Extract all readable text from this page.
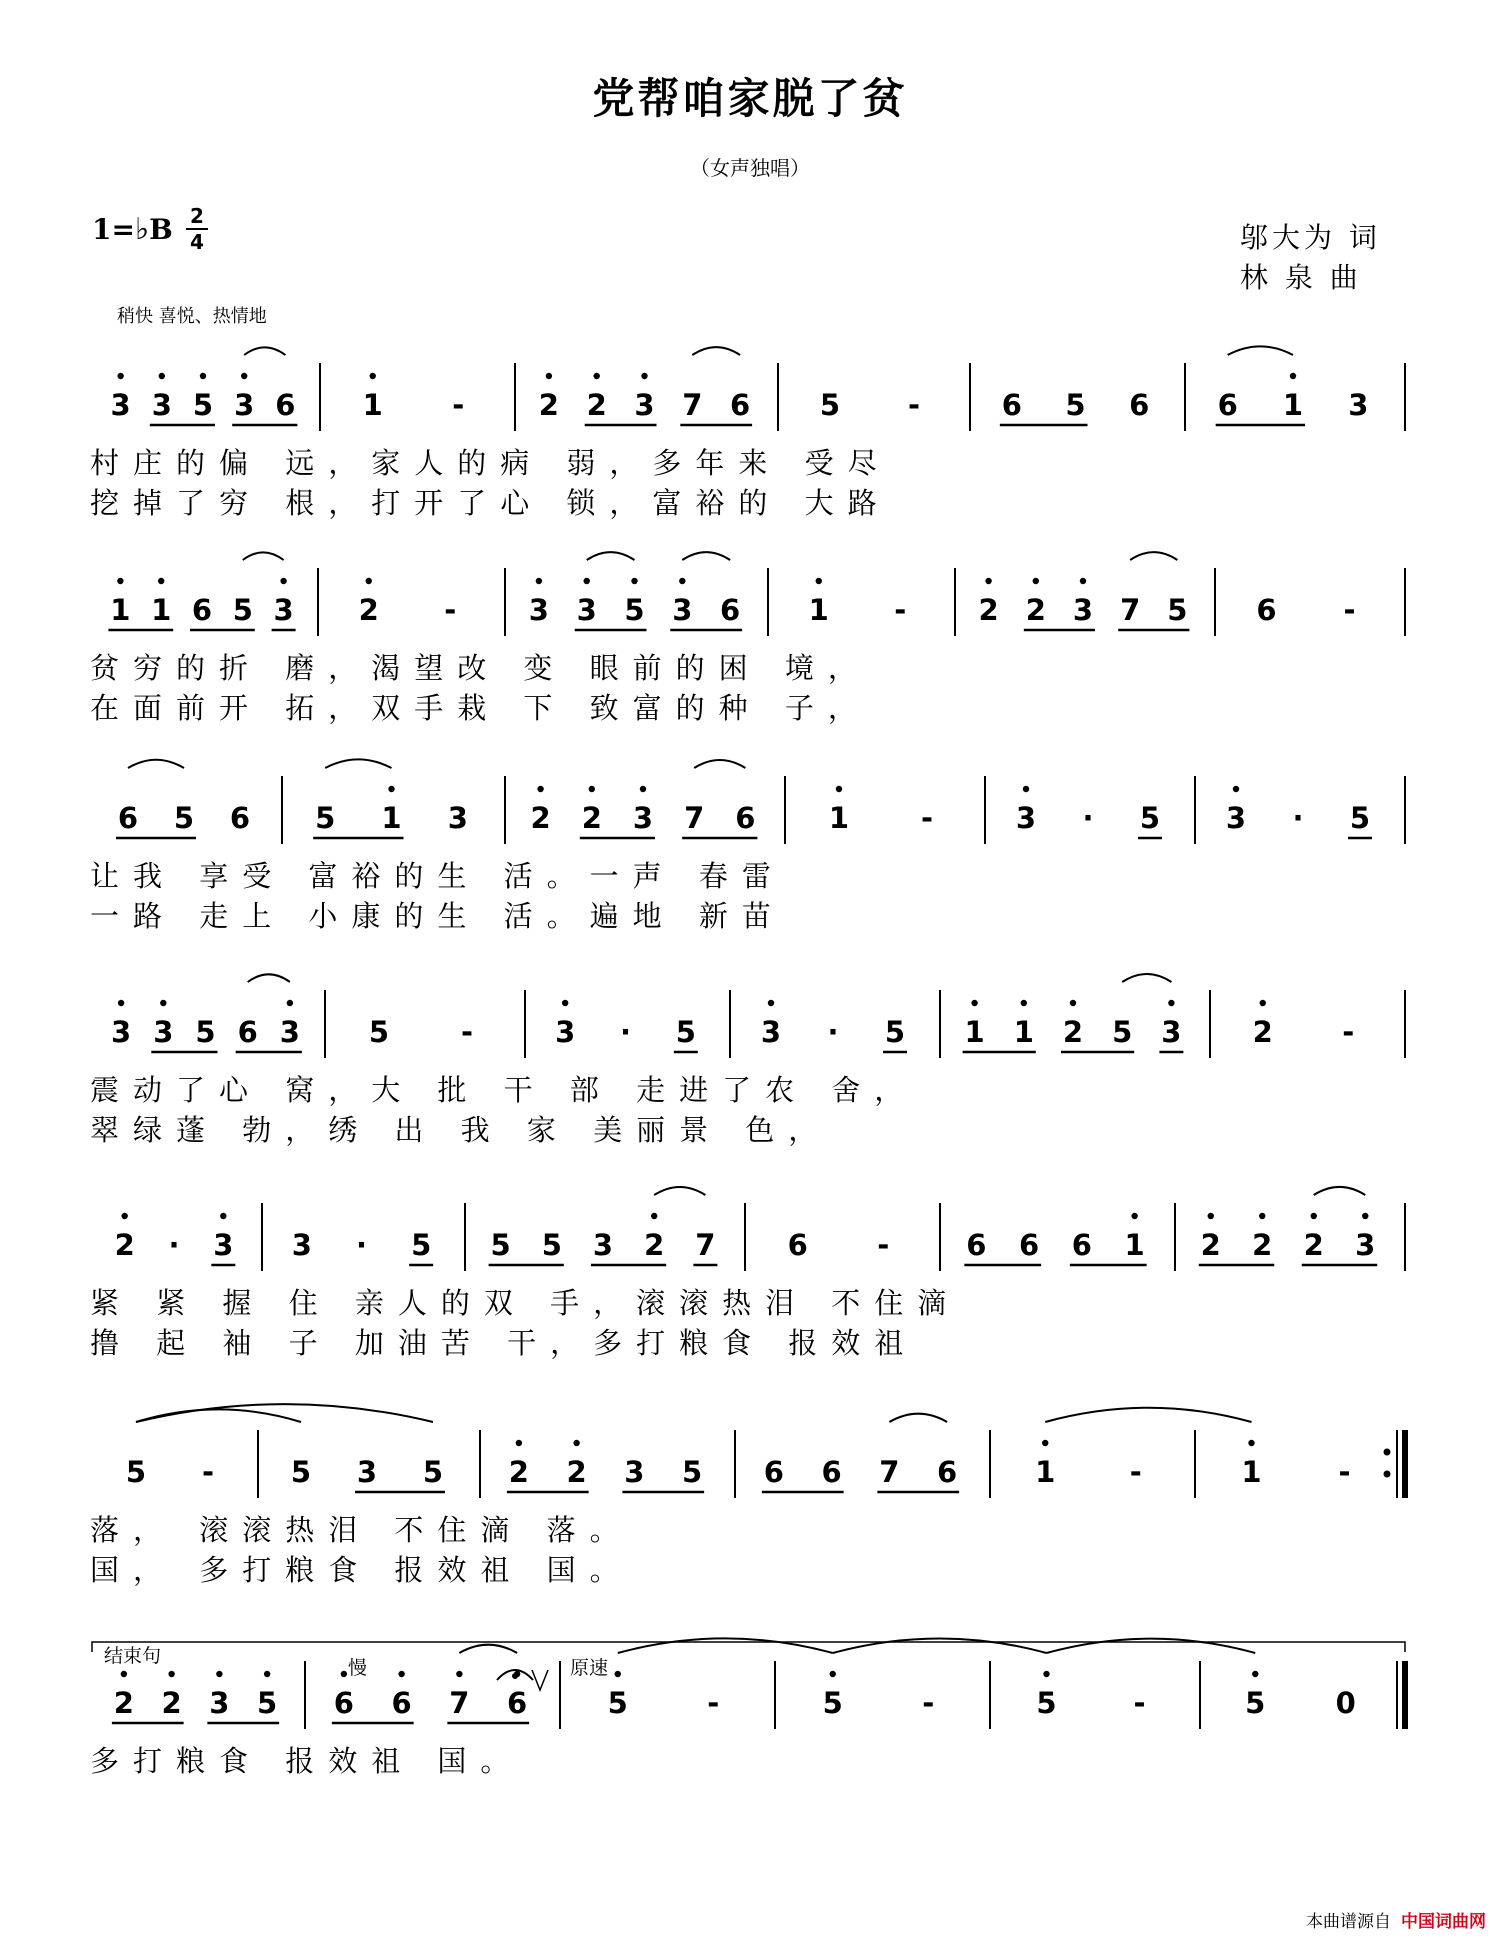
党帮咱家脱了贫
（女声独唱）
1=♭B 2
4	邬大为 词
林 泉 曲
稍快 喜悦、热情地
3 3 5 3 6 1 -	2 2 3 7 6 5 -	6 5 6 6 1 3
村庄的偏 远，家人的病 弱，多年来 受尽
挖掉了穷 根，打开了心 锁，富裕的 大路
1 1 6 5 3 2 -	3 3 5 3 6 1 - 2 2 3 7 5 6 -
贫穷的折 磨，渴望改 变 眼前的困 境，
在面前开 拓，双手栽 下 致富的种 子，
6 5 6 5 1 3 2 2 3 7 6	1 -	3 · 5 3 · 5
让我 享受 富裕的生 活。一声 春雷
一路 走上 小康的生 活。遍地 新苗
3 3 5 6 3 5 -	3 · 5 3 · 5 1 1 2 5 3 2 -
震动了心 窝，大 批 干 部 走进了农 舍，
翠绿蓬 勃，绣 出 我 家 美丽景 色，
2 · 3 3 · 5 5 5 3 2 7 6 -	6 6 6 1 2 2 2 3
紧 紧 握 住 亲人的双 手，滚滚热泪 不住滴
撸 起 袖 子 加油苦 干，多打粮食 报效祖
5 -	5 3 5 2 2 3 5 6 6 7 6	1	-	1	-
落， 滚滚热泪 不住滴 落。
国， 多打粮食 报效祖 国。
2 2 3 5 6 6 7 6	5	-	5	-	5	-	5 0
多打粮食 报效祖 国。
结束句
慢	原速
本曲谱源自 中国词曲网
